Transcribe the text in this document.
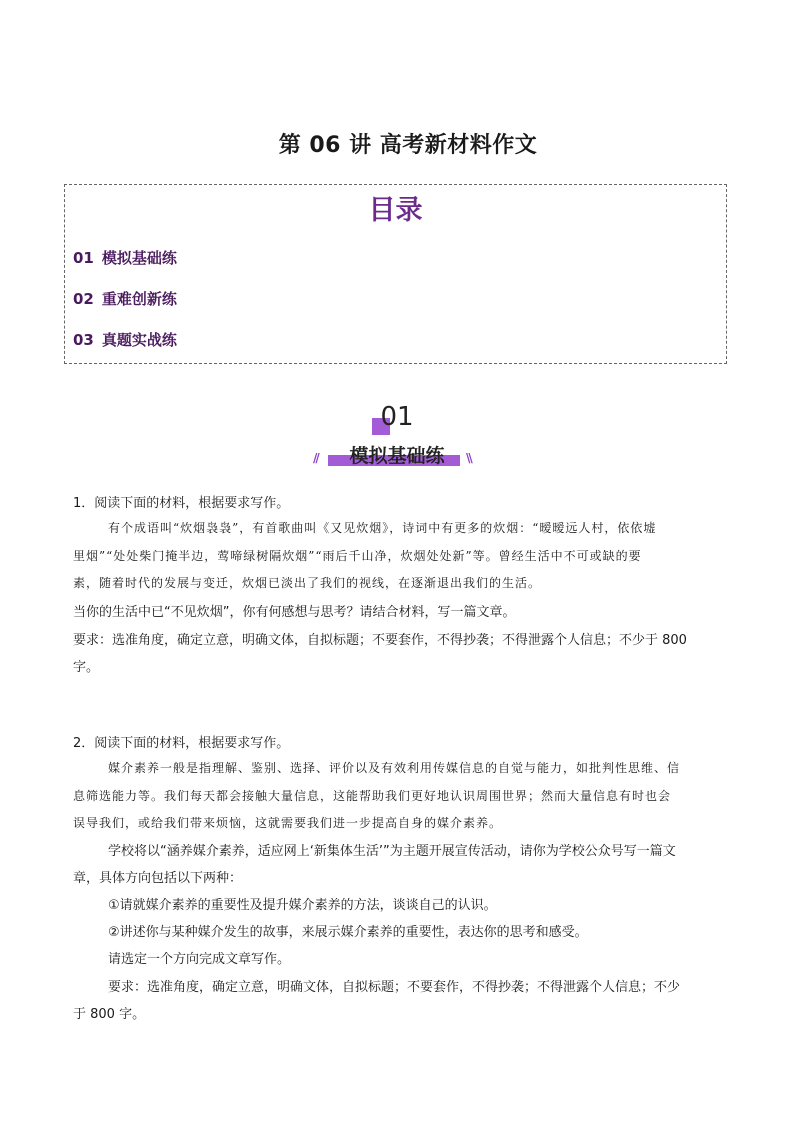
第 06 讲 高考新材料作文
目录
01 模拟基础练
02 重难创新练
03 真题实战练
01
//	模拟基础练	\\
1．阅读下面的材料，根据要求写作。
有个成语叫“炊烟袅袅”，有首歌曲叫《又见炊烟》，诗词中有更多的炊烟：“暧暧远人村，依依墟
里烟”“处处柴门掩半边，莺啼绿树隔炊烟”“雨后千山净，炊烟处处新”等。曾经生活中不可或缺的要
素，随着时代的发展与变迁，炊烟已淡出了我们的视线，在逐渐退出我们的生活。
当你的生活中已“不见炊烟”，你有何感想与思考？请结合材料，写一篇文章。
要求：选准角度，确定立意，明确文体，自拟标题；不要套作，不得抄袭；不得泄露个人信息；不少于 800
字。
2．阅读下面的材料，根据要求写作。
媒介素养一般是指理解、鉴别、选择、评价以及有效利用传媒信息的自觉与能力，如批判性思维、信
息筛选能力等。我们每天都会接触大量信息，这能帮助我们更好地认识周围世界；然而大量信息有时也会
误导我们，或给我们带来烦恼，这就需要我们进一步提高自身的媒介素养。
学校将以“涵养媒介素养，适应网上‘新集体生活’”为主题开展宣传活动，请你为学校公众号写一篇文
章，具体方向包括以下两种：
①请就媒介素养的重要性及提升媒介素养的方法，谈谈自己的认识。
②讲述你与某种媒介发生的故事，来展示媒介素养的重要性，表达你的思考和感受。
请选定一个方向完成文章写作。
要求：选准角度，确定立意，明确文体，自拟标题；不要套作，不得抄袭；不得泄露个人信息；不少
于 800 字。
